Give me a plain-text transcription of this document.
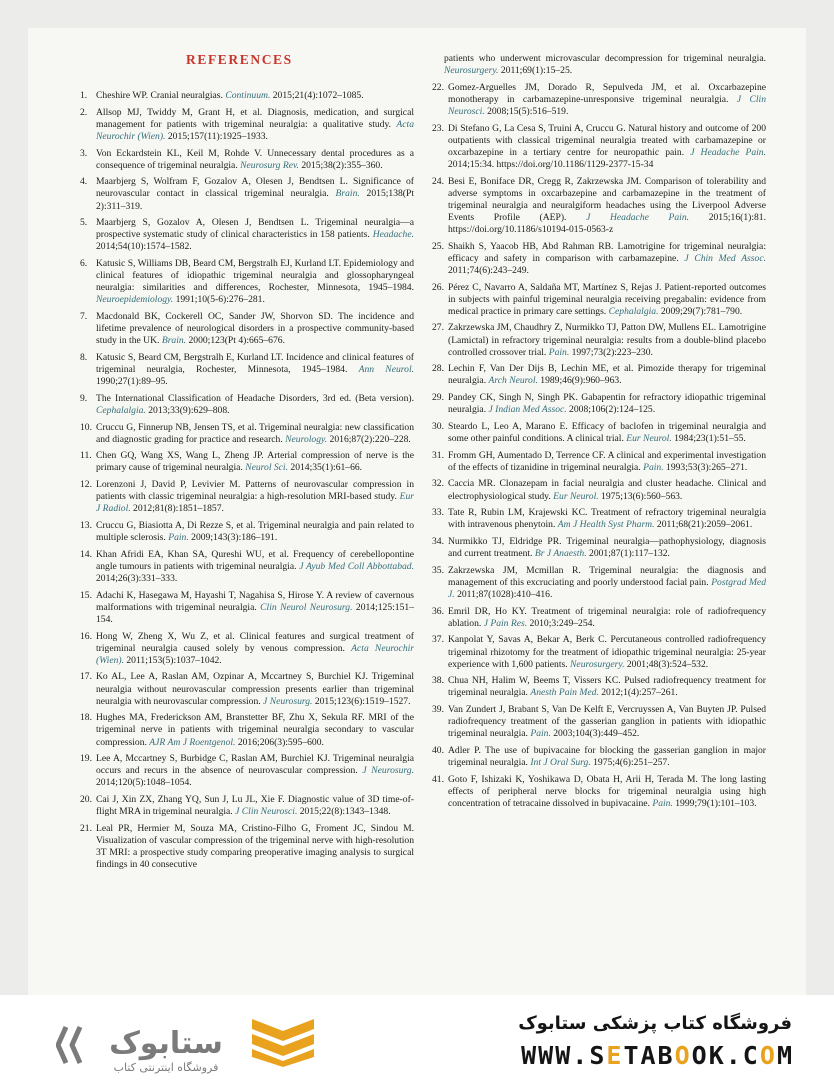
REFERENCES
1. Cheshire WP. Cranial neuralgias. Continuum. 2015;21(4):1072–1085.
2. Allsop MJ, Twiddy M, Grant H, et al. Diagnosis, medication, and surgical management for patients with trigeminal neuralgia: a qualitative study. Acta Neurochir (Wien). 2015;157(11):1925–1933.
3. Von Eckardstein KL, Keil M, Rohde V. Unnecessary dental procedures as a consequence of trigeminal neuralgia. Neurosurg Rev. 2015;38(2):355–360.
4. Maarbjerg S, Wolfram F, Gozalov A, Olesen J, Bendtsen L. Significance of neurovascular contact in classical trigeminal neuralgia. Brain. 2015;138(Pt 2):311–319.
5. Maarbjerg S, Gozalov A, Olesen J, Bendtsen L. Trigeminal neuralgia—a prospective systematic study of clinical characteristics in 158 patients. Headache. 2014;54(10):1574–1582.
6. Katusic S, Williams DB, Beard CM, Bergstralh EJ, Kurland LT. Epidemiology and clinical features of idiopathic trigeminal neuralgia and glossopharyngeal neuralgia: similarities and differences, Rochester, Minnesota, 1945–1984. Neuroepidemiology. 1991;10(5-6):276–281.
7. Macdonald BK, Cockerell OC, Sander JW, Shorvon SD. The incidence and lifetime prevalence of neurological disorders in a prospective community-based study in the UK. Brain. 2000;123(Pt 4):665–676.
8. Katusic S, Beard CM, Bergstralh E, Kurland LT. Incidence and clinical features of trigeminal neuralgia, Rochester, Minnesota, 1945–1984. Ann Neurol. 1990;27(1):89–95.
9. The International Classification of Headache Disorders, 3rd ed. (Beta version). Cephalalgia. 2013;33(9):629–808.
10. Cruccu G, Finnerup NB, Jensen TS, et al. Trigeminal neuralgia: new classification and diagnostic grading for practice and research. Neurology. 2016;87(2):220–228.
11. Chen GQ, Wang XS, Wang L, Zheng JP. Arterial compression of nerve is the primary cause of trigeminal neuralgia. Neurol Sci. 2014;35(1):61–66.
12. Lorenzoni J, David P, Levivier M. Patterns of neurovascular compression in patients with classic trigeminal neuralgia: a high-resolution MRI-based study. Eur J Radiol. 2012;81(8):1851–1857.
13. Cruccu G, Biasiotta A, Di Rezze S, et al. Trigeminal neuralgia and pain related to multiple sclerosis. Pain. 2009;143(3):186–191.
14. Khan Afridi EA, Khan SA, Qureshi WU, et al. Frequency of cerebellopontine angle tumours in patients with trigeminal neuralgia. J Ayub Med Coll Abbottabad. 2014;26(3):331–333.
15. Adachi K, Hasegawa M, Hayashi T, Nagahisa S, Hirose Y. A review of cavernous malformations with trigeminal neuralgia. Clin Neurol Neurosurg. 2014;125:151–154.
16. Hong W, Zheng X, Wu Z, et al. Clinical features and surgical treatment of trigeminal neuralgia caused solely by venous compression. Acta Neurochir (Wien). 2011;153(5):1037–1042.
17. Ko AL, Lee A, Raslan AM, Ozpinar A, Mccartney S, Burchiel KJ. Trigeminal neuralgia without neurovascular compression presents earlier than trigeminal neuralgia with neurovascular compression. J Neurosurg. 2015;123(6):1519–1527.
18. Hughes MA, Frederickson AM, Branstetter BF, Zhu X, Sekula RF. MRI of the trigeminal nerve in patients with trigeminal neuralgia secondary to vascular compression. AJR Am J Roentgenol. 2016;206(3):595–600.
19. Lee A, Mccartney S, Burbidge C, Raslan AM, Burchiel KJ. Trigeminal neuralgia occurs and recurs in the absence of neurovascular compression. J Neurosurg. 2014;120(5):1048–1054.
20. Cai J, Xin ZX, Zhang YQ, Sun J, Lu JL, Xie F. Diagnostic value of 3D time-of-flight MRA in trigeminal neuralgia. J Clin Neurosci. 2015;22(8):1343–1348.
21. Leal PR, Hermier M, Souza MA, Cristino-Filho G, Froment JC, Sindou M. Visualization of vascular compression of the trigeminal nerve with high-resolution 3T MRI: a prospective study comparing preoperative imaging analysis to surgical findings in 40 consecutive
patients who underwent microvascular decompression for trigeminal neuralgia. Neurosurgery. 2011;69(1):15–25.
22. Gomez-Arguelles JM, Dorado R, Sepulveda JM, et al. Oxcarbazepine monotherapy in carbamazepine-unresponsive trigeminal neuralgia. J Clin Neurosci. 2008;15(5):516–519.
23. Di Stefano G, La Cesa S, Truini A, Cruccu G. Natural history and outcome of 200 outpatients with classical trigeminal neuralgia treated with carbamazepine or oxcarbazepine in a tertiary centre for neuropathic pain. J Headache Pain. 2014;15:34. https://doi.org/10.1186/1129-2377-15-34
24. Besi E, Boniface DR, Cregg R, Zakrzewska JM. Comparison of tolerability and adverse symptoms in oxcarbazepine and carbamazepine in the treatment of trigeminal neuralgia and neuralgiform headaches using the Liverpool Adverse Events Profile (AEP). J Headache Pain. 2015;16(1):81. https://doi.org/10.1186/s10194-015-0563-z
25. Shaikh S, Yaacob HB, Abd Rahman RB. Lamotrigine for trigeminal neuralgia: efficacy and safety in comparison with carbamazepine. J Chin Med Assoc. 2011;74(6):243–249.
26. Pérez C, Navarro A, Saldaña MT, Martínez S, Rejas J. Patient-reported outcomes in subjects with painful trigeminal neuralgia receiving pregabalin: evidence from medical practice in primary care settings. Cephalalgia. 2009;29(7):781–790.
27. Zakrzewska JM, Chaudhry Z, Nurmikko TJ, Patton DW, Mullens EL. Lamotrigine (Lamictal) in refractory trigeminal neuralgia: results from a double-blind placebo controlled crossover trial. Pain. 1997;73(2):223–230.
28. Lechin F, Van Der Dijs B, Lechin ME, et al. Pimozide therapy for trigeminal neuralgia. Arch Neurol. 1989;46(9):960–963.
29. Pandey CK, Singh N, Singh PK. Gabapentin for refractory idiopathic trigeminal neuralgia. J Indian Med Assoc. 2008;106(2):124–125.
30. Steardo L, Leo A, Marano E. Efficacy of baclofen in trigeminal neuralgia and some other painful conditions. A clinical trial. Eur Neurol. 1984;23(1):51–55.
31. Fromm GH, Aumentado D, Terrence CF. A clinical and experimental investigation of the effects of tizanidine in trigeminal neuralgia. Pain. 1993;53(3):265–271.
32. Caccia MR. Clonazepam in facial neuralgia and cluster headache. Clinical and electrophysiological study. Eur Neurol. 1975;13(6):560–563.
33. Tate R, Rubin LM, Krajewski KC. Treatment of refractory trigeminal neuralgia with intravenous phenytoin. Am J Health Syst Pharm. 2011;68(21):2059–2061.
34. Nurmikko TJ, Eldridge PR. Trigeminal neuralgia—pathophysiology, diagnosis and current treatment. Br J Anaesth. 2001;87(1):117–132.
35. Zakrzewska JM, Mcmillan R. Trigeminal neuralgia: the diagnosis and management of this excruciating and poorly understood facial pain. Postgrad Med J. 2011;87(1028):410–416.
36. Emril DR, Ho KY. Treatment of trigeminal neuralgia: role of radiofrequency ablation. J Pain Res. 2010;3:249–254.
37. Kanpolat Y, Savas A, Bekar A, Berk C. Percutaneous controlled radiofrequency trigeminal rhizotomy for the treatment of idiopathic trigeminal neuralgia: 25-year experience with 1,600 patients. Neurosurgery. 2001;48(3):524–532.
38. Chua NH, Halim W, Beems T, Vissers KC. Pulsed radiofrequency treatment for trigeminal neuralgia. Anesth Pain Med. 2012;1(4):257–261.
39. Van Zundert J, Brabant S, Van De Kelft E, Vercruyssen A, Van Buyten JP. Pulsed radiofrequency treatment of the gasserian ganglion in patients with idiopathic trigeminal neuralgia. Pain. 2003;104(3):449–452.
40. Adler P. The use of bupivacaine for blocking the gasserian ganglion in major trigeminal neuralgia. Int J Oral Surg. 1975;4(6):251–257.
41. Goto F, Ishizaki K, Yoshikawa D, Obata H, Arii H, Terada M. The long lasting effects of peripheral nerve blocks for trigeminal neuralgia using high concentration of tetracaine dissolved in bupivacaine. Pain. 1999;79(1):101–103.
ستابوک
فروشگاه اینترنتی کتاب
فروشگاه کتاب پزشکی ستابوک
WWW.SETABOOK.COM
